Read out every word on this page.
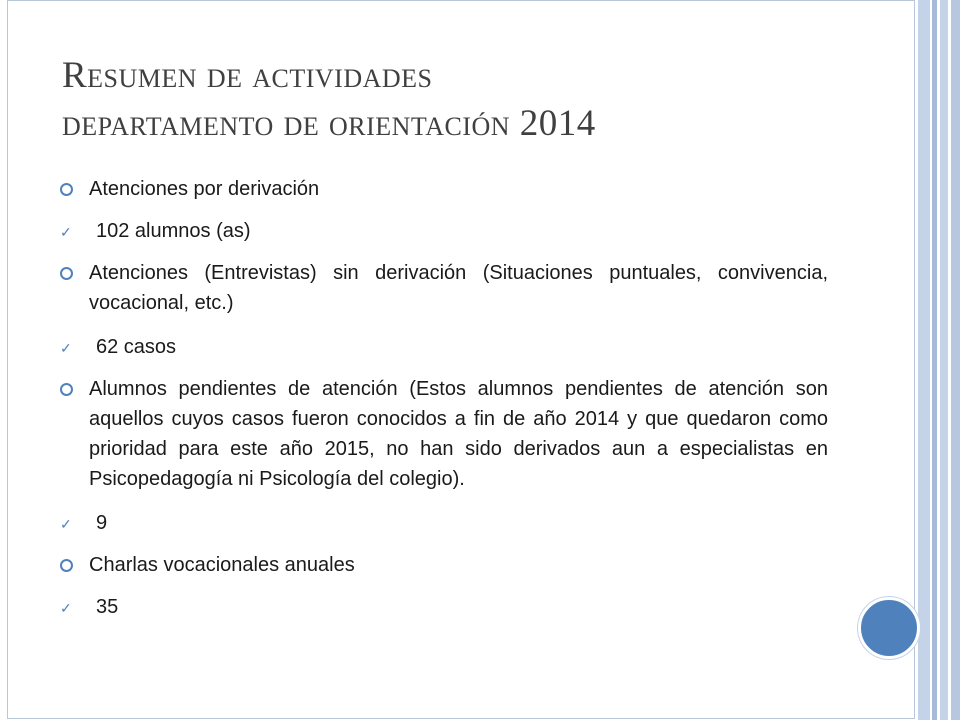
Resumen de actividades
departamento de orientación 2014
Atenciones por derivación
✓ 102 alumnos (as)
Atenciones (Entrevistas) sin derivación (Situaciones puntuales, convivencia, vocacional, etc.)
✓ 62 casos
Alumnos pendientes de atención (Estos alumnos pendientes de atención son aquellos cuyos casos fueron conocidos a fin de año 2014 y que quedaron como prioridad para este año 2015, no han sido derivados aun a especialistas en Psicopedagogía ni Psicología del colegio).
✓ 9
Charlas vocacionales anuales
✓ 35
